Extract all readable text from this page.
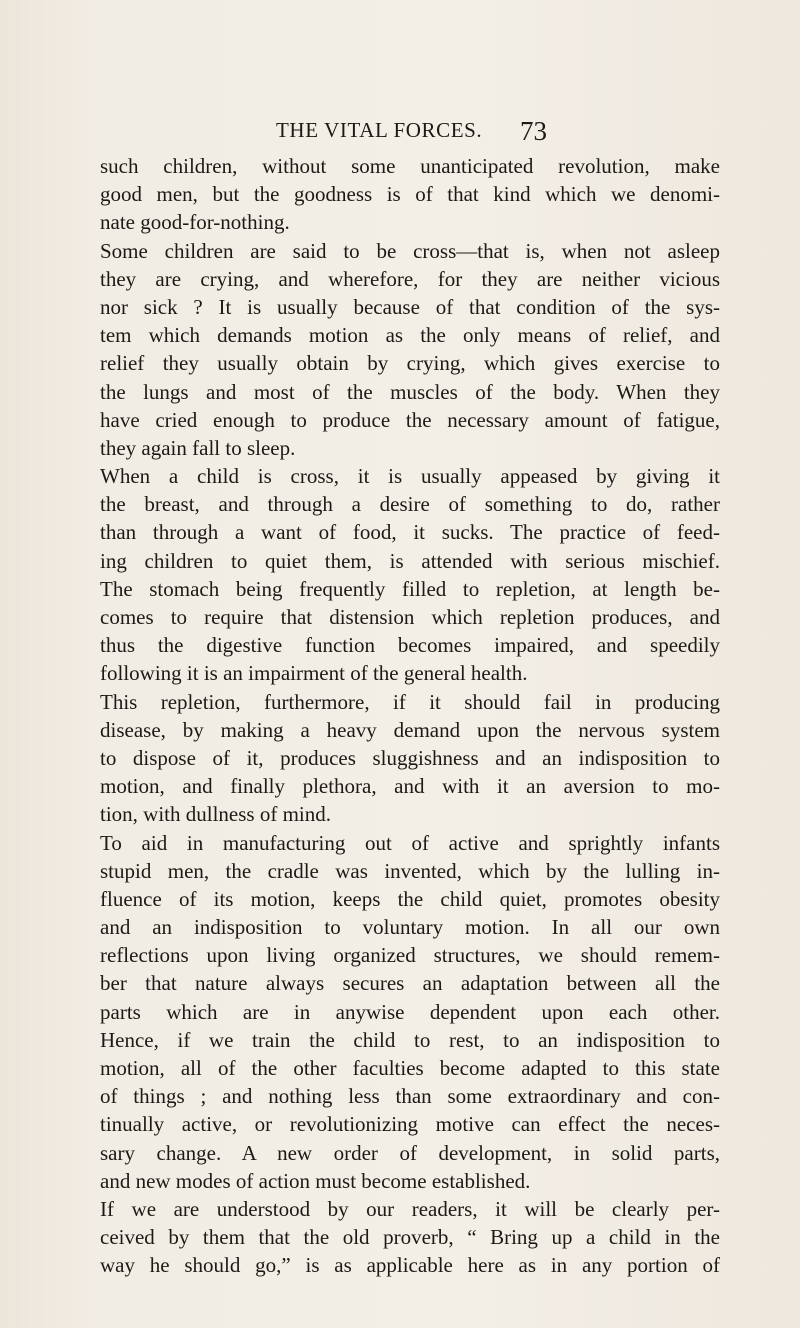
THE VITAL FORCES. 73
such children, without some unanticipated revolution, make
good men, but the goodness is of that kind which we denomi-
nate good-for-nothing.
Some children are said to be cross—that is, when not asleep
they are crying, and wherefore, for they are neither vicious
nor sick ? It is usually because of that condition of the sys-
tem which demands motion as the only means of relief, and
relief they usually obtain by crying, which gives exercise to
the lungs and most of the muscles of the body. When they
have cried enough to produce the necessary amount of fatigue,
they again fall to sleep.
When a child is cross, it is usually appeased by giving it
the breast, and through a desire of something to do, rather
than through a want of food, it sucks. The practice of feed-
ing children to quiet them, is attended with serious mischief.
The stomach being frequently filled to repletion, at length be-
comes to require that distension which repletion produces, and
thus the digestive function becomes impaired, and speedily
following it is an impairment of the general health.
This repletion, furthermore, if it should fail in producing
disease, by making a heavy demand upon the nervous system
to dispose of it, produces sluggishness and an indisposition to
motion, and finally plethora, and with it an aversion to mo-
tion, with dullness of mind.
To aid in manufacturing out of active and sprightly infants
stupid men, the cradle was invented, which by the lulling in-
fluence of its motion, keeps the child quiet, promotes obesity
and an indisposition to voluntary motion. In all our own
reflections upon living organized structures, we should remem-
ber that nature always secures an adaptation between all the
parts which are in anywise dependent upon each other.
Hence, if we train the child to rest, to an indisposition to
motion, all of the other faculties become adapted to this state
of things ; and nothing less than some extraordinary and con-
tinually active, or revolutionizing motive can effect the neces-
sary change. A new order of development, in solid parts,
and new modes of action must become established.
If we are understood by our readers, it will be clearly per-
ceived by them that the old proverb, “ Bring up a child in the
way he should go,” is as applicable here as in any portion of
